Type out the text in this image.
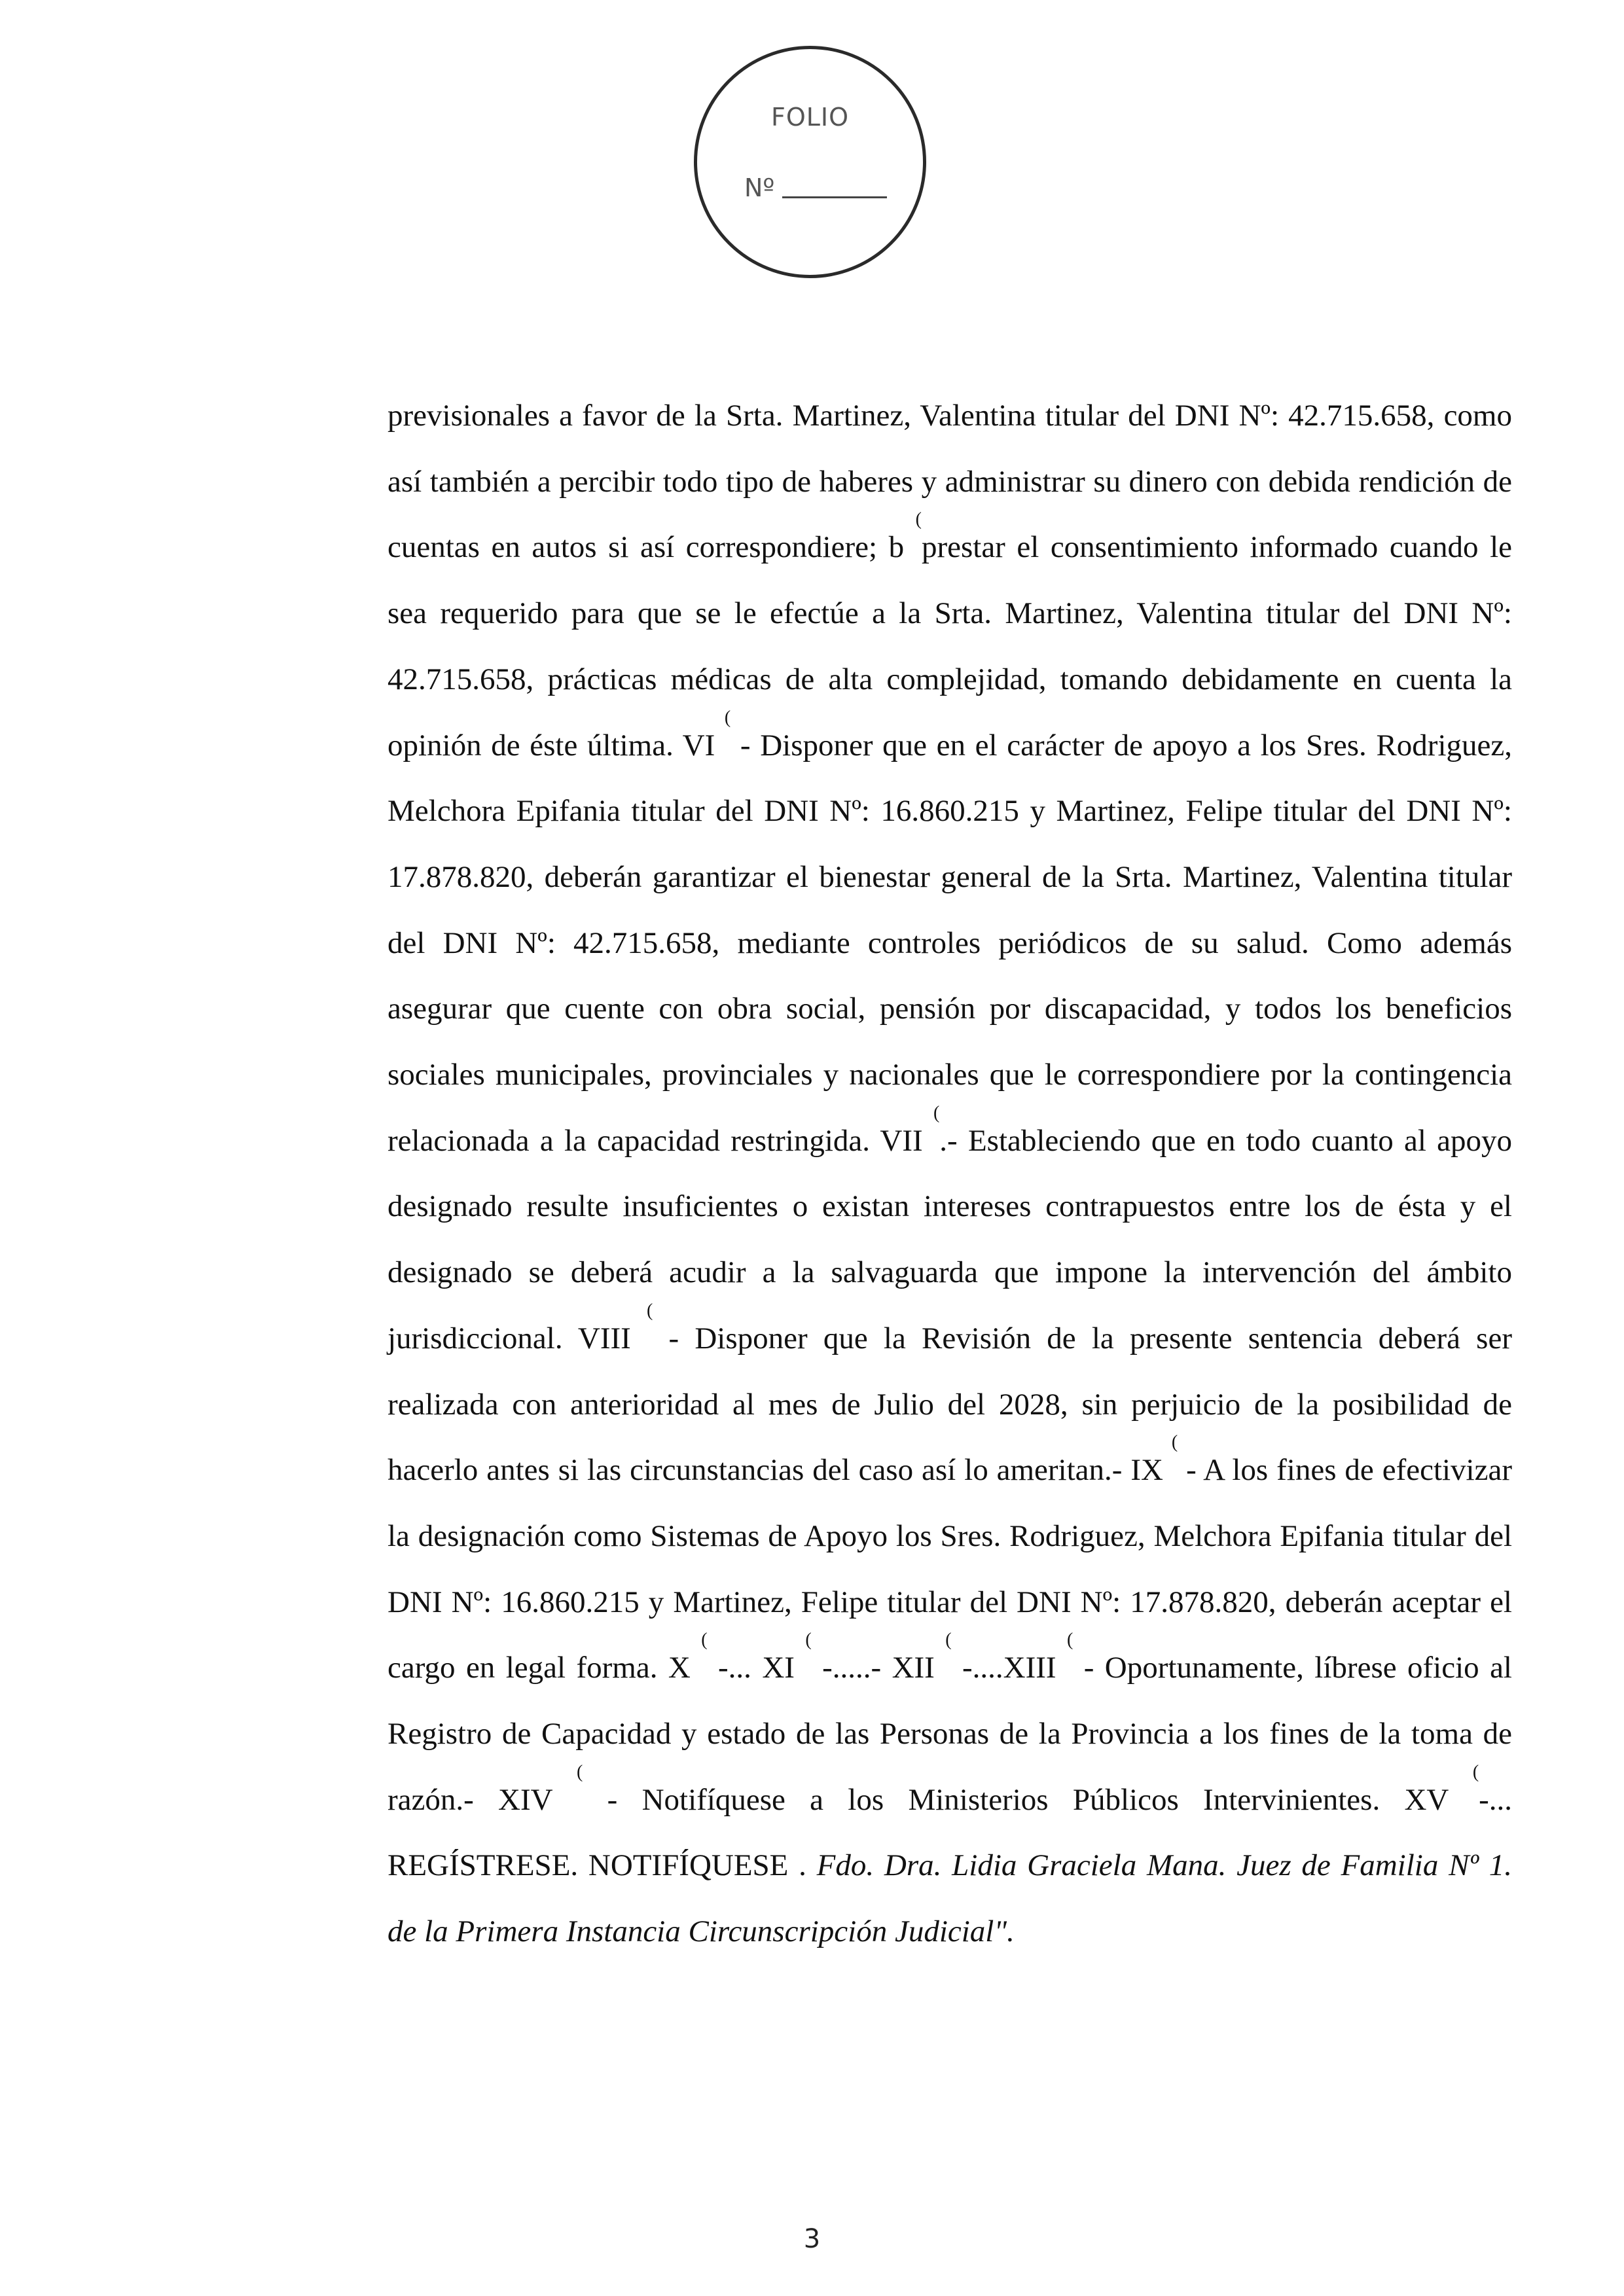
FOLIO
Nº

previsionales a favor de la Srta. Martinez, Valentina titular del DNI Nº: 42.715.658, como así también a percibir todo tipo de haberes y administrar su dinero con debida rendición de cuentas en autos si así correspondiere; b (prestar el consentimiento informado cuando le sea requerido para que se le efectúe a la Srta. Martinez, Valentina titular del DNI Nº: 42.715.658, prácticas médicas de alta complejidad, tomando debidamente en cuenta la opinión de éste última. VI ( - Disponer que en el carácter de apoyo a los Sres. Rodriguez, Melchora Epifania titular del DNI Nº: 16.860.215 y Martinez, Felipe titular del DNI Nº: 17.878.820, deberán garantizar el bienestar general de la Srta. Martinez, Valentina titular del DNI Nº: 42.715.658, mediante controles periódicos de su salud. Como además asegurar que cuente con obra social, pensión por discapacidad, y todos los beneficios sociales municipales, provinciales y nacionales que le correspondiere por la contingencia relacionada a la capacidad restringida. VII (.- Estableciendo que en todo cuanto al apoyo designado resulte insuficientes o existan intereses contrapuestos entre los de ésta y el designado se deberá acudir a la salvaguarda que impone la intervención del ámbito jurisdiccional. VIII ( - Disponer que la Revisión de la presente sentencia deberá ser realizada con anterioridad al mes de Julio del 2028, sin perjuicio de la posibilidad de hacerlo antes si las circunstancias del caso así lo ameritan.- IX ( - A los fines de efectivizar la designación como Sistemas de Apoyo los Sres. Rodriguez, Melchora Epifania titular del DNI Nº: 16.860.215 y Martinez, Felipe titular del DNI Nº: 17.878.820, deberán aceptar el cargo en legal forma. X ( -... XI ( -.....- XII ( -....XIII ( - Oportunamente, líbrese oficio al Registro de Capacidad y estado de las Personas de la Provincia a los fines de la toma de razón.- XIV ( - Notifíquese a los Ministerios Públicos Intervinientes. XV (-... REGÍSTRESE. NOTIFÍQUESE . Fdo. Dra. Lidia Graciela Mana. Juez de Familia Nº 1. de la Primera Instancia Circunscripción Judicial".

3
